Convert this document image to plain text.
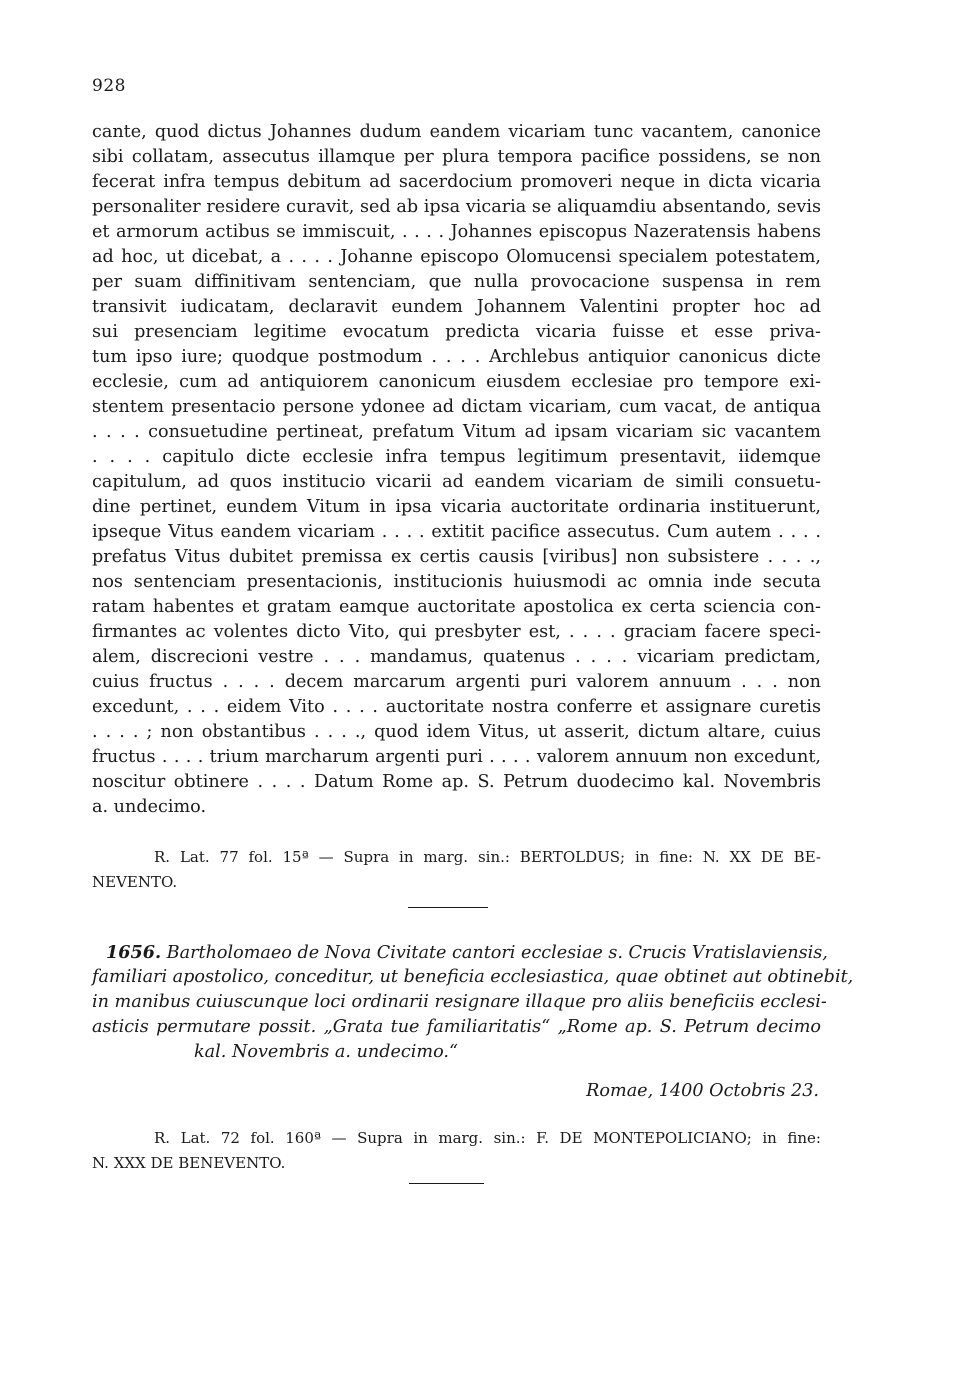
928
cante, quod dictus Johannes dudum eandem vicariam tunc vacantem, canonice
sibi collatam, assecutus illamque per plura tempora pacifice possidens, se non
fecerat infra tempus debitum ad sacerdocium promoveri neque in dicta vicaria
personaliter residere curavit, sed ab ipsa vicaria se aliquamdiu absentando, sevis
et armorum actibus se immiscuit, . . . . Johannes episcopus Nazeratensis habens
ad hoc, ut dicebat, a . . . . Johanne episcopo Olomucensi specialem potestatem,
per suam diffinitivam sentenciam, que nulla provocacione suspensa in rem
transivit iudicatam, declaravit eundem Johannem Valentini propter hoc ad
sui presenciam legitime evocatum predicta vicaria fuisse et esse priva-
tum ipso iure; quodque postmodum . . . . Archlebus antiquior canonicus dicte
ecclesie, cum ad antiquiorem canonicum eiusdem ecclesiae pro tempore exi-
stentem presentacio persone ydonee ad dictam vicariam, cum vacat, de antiqua
. . . . consuetudine pertineat, prefatum Vitum ad ipsam vicariam sic vacantem
. . . . capitulo dicte ecclesie infra tempus legitimum presentavit, iidemque
capitulum, ad quos institucio vicarii ad eandem vicariam de simili consuetu-
dine pertinet, eundem Vitum in ipsa vicaria auctoritate ordinaria instituerunt,
ipseque Vitus eandem vicariam . . . . extitit pacifice assecutus. Cum autem . . . .
prefatus Vitus dubitet premissa ex certis causis [viribus] non subsistere . . . .,
nos sentenciam presentacionis, institucionis huiusmodi ac omnia inde secuta
ratam habentes et gratam eamque auctoritate apostolica ex certa sciencia con-
firmantes ac volentes dicto Vito, qui presbyter est, . . . . graciam facere speci-
alem, discrecioni vestre . . . mandamus, quatenus . . . . vicariam predictam,
cuius fructus . . . . decem marcarum argenti puri valorem annuum . . . non
excedunt, . . . eidem Vito . . . . auctoritate nostra conferre et assignare curetis
. . . . ; non obstantibus . . . ., quod idem Vitus, ut asserit, dictum altare, cuius
fructus . . . . trium marcharum argenti puri . . . . valorem annuum non excedunt,
noscitur obtinere . . . . Datum Rome ap. S. Petrum duodecimo kal. Novembris
a. undecimo.
R. Lat. 77 fol. 15ª — Supra in marg. sin.: BERTOLDUS; in fine: N. XX DE BE-
NEVENTO.
1656. Bartholomaeo de Nova Civitate cantori ecclesiae s. Crucis Vratislaviensis,
familiari apostolico, conceditur, ut beneficia ecclesiastica, quae obtinet aut obtinebit,
in manibus cuiuscunque loci ordinarii resignare illaque pro aliis beneficiis ecclesi-
asticis permutare possit. „Grata tue familiaritatis“ „Rome ap. S. Petrum decimo
kal. Novembris a. undecimo.“
Romae, 1400 Octobris 23.
R. Lat. 72 fol. 160ª — Supra in marg. sin.: F. DE MONTEPOLICIANO; in fine:
N. XXX DE BENEVENTO.
